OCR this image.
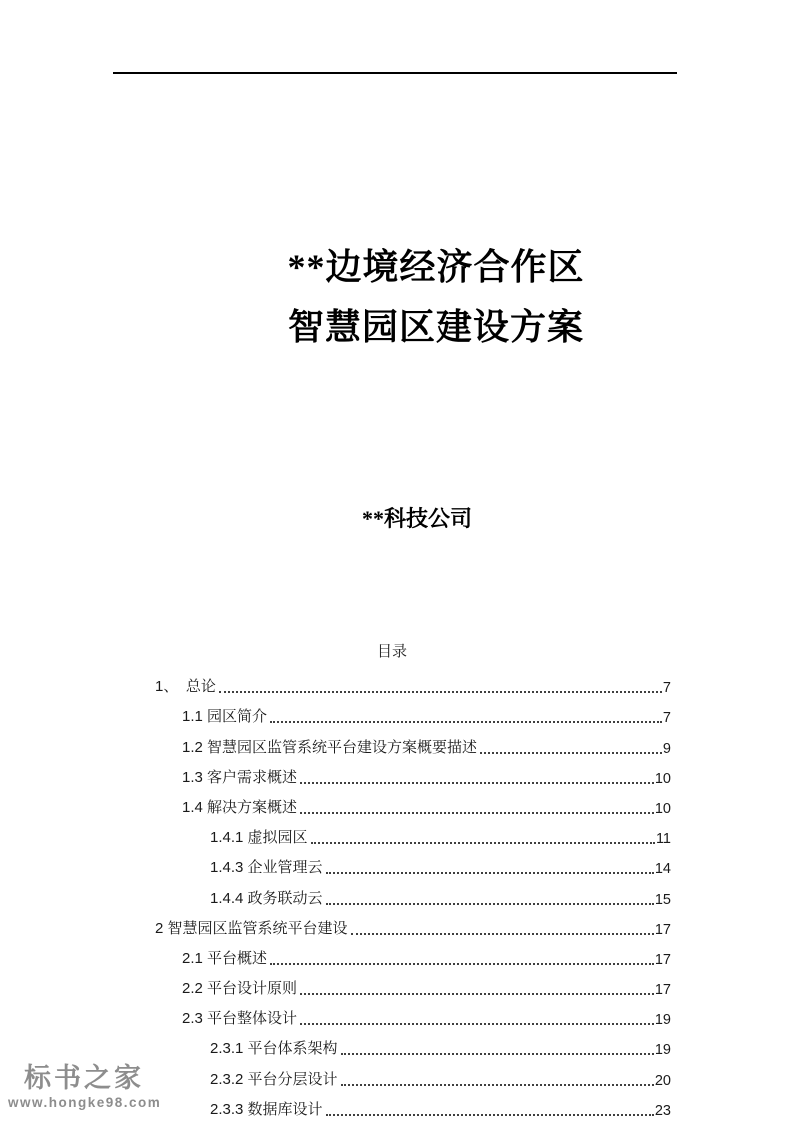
**边境经济合作区
智慧园区建设方案
**科技公司
目录
1、　总论	7
1.1 园区简介	7
1.2 智慧园区监管系统平台建设方案概要描述	9
1.3 客户需求概述	10
1.4 解决方案概述	10
1.4.1 虚拟园区	11
1.4.3 企业管理云	14
1.4.4 政务联动云	15
2 智慧园区监管系统平台建设	17
2.1 平台概述	17
2.2 平台设计原则	17
2.3 平台整体设计	19
2.3.1 平台体系架构	19
2.3.2 平台分层设计	20
2.3.3 数据库设计	23
标书之家
www.hongke98.com
